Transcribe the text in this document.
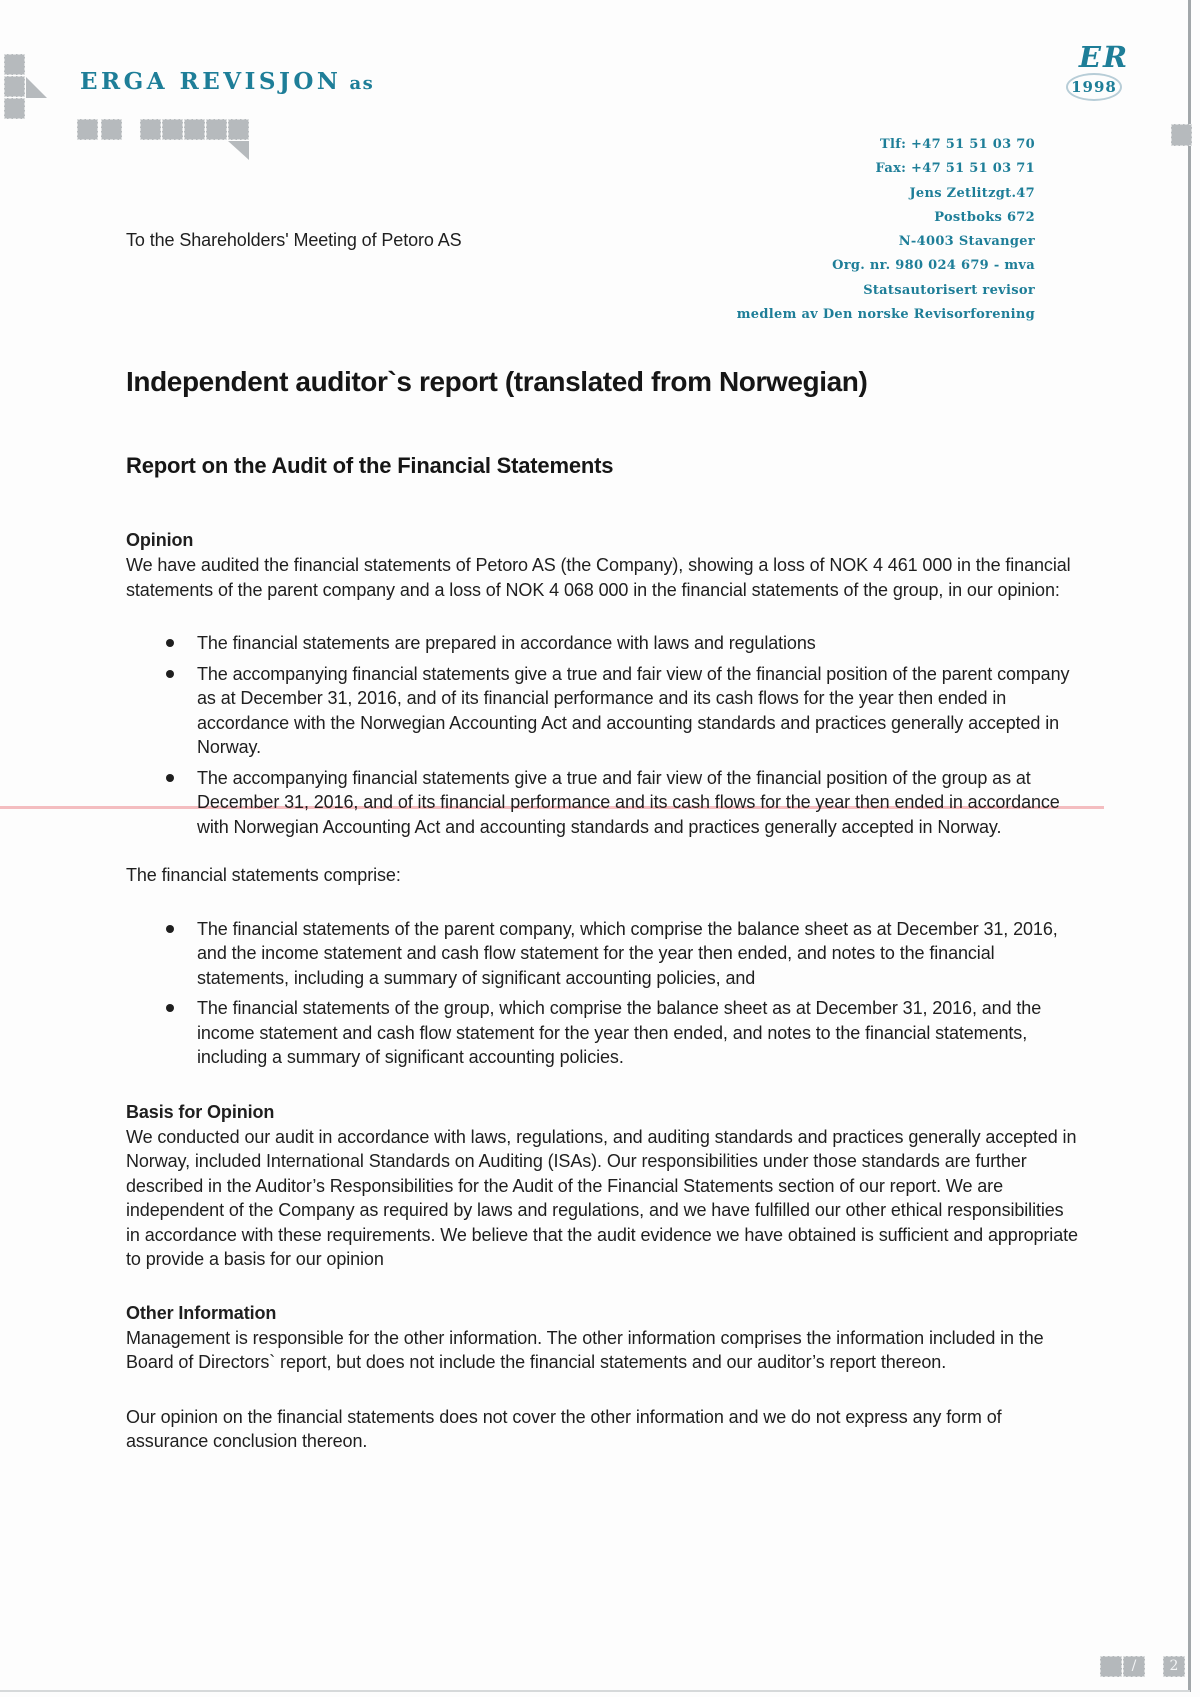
ERGA REVISJON as
ER
1998
Tlf: +47 51 51 03 70
Fax: +47 51 51 03 71
Jens Zetlitzgt.47
Postboks 672
N-4003 Stavanger
Org. nr. 980 024 679 - mva
Statsautorisert revisor
medlem av Den norske Revisorforening
To the Shareholders' Meeting of Petoro AS
Independent auditor`s report (translated from Norwegian)
Report on the Audit of the Financial Statements
Opinion

We have audited the financial statements of Petoro AS (the Company), showing a loss of NOK 4 461 000 in the financial statements of the parent company and a loss of NOK 4 068 000 in the financial statements of the group, in our opinion:

The financial statements are prepared in accordance with laws and regulations
The accompanying financial statements give a true and fair view of the financial position of the parent company as at December 31, 2016, and of its financial performance and its cash flows for the year then ended in accordance with the Norwegian Accounting Act and accounting standards and practices generally accepted in Norway.
The accompanying financial statements give a true and fair view of the financial position of the group as at December 31, 2016, and of its financial performance and its cash flows for the year then ended in accordance with Norwegian Accounting Act and accounting standards and practices generally accepted in Norway.

The financial statements comprise:

The financial statements of the parent company, which comprise the balance sheet as at December 31, 2016, and the income statement and cash flow statement for the year then ended, and notes to the financial statements, including a summary of significant accounting policies, and
The financial statements of the group, which comprise the balance sheet as at December 31, 2016, and the income statement and cash flow statement for the year then ended, and notes to the financial statements, including a summary of significant accounting policies.
Basis for Opinion

We conducted our audit in accordance with laws, regulations, and auditing standards and practices generally accepted in Norway, included International Standards on Auditing (ISAs). Our responsibilities under those standards are further described in the Auditor’s Responsibilities for the Audit of the Financial Statements section of our report. We are independent of the Company as required by laws and regulations, and we have fulfilled our other ethical responsibilities in accordance with these requirements. We believe that the audit evidence we have obtained is sufficient and appropriate to provide a basis for our opinion

Other Information

Management is responsible for the other information. The other information comprises the information included in the Board of Directors` report, but does not include the financial statements and our auditor’s report thereon.

Our opinion on the financial statements does not cover the other information and we do not express any form of assurance conclusion thereon.

/	2
